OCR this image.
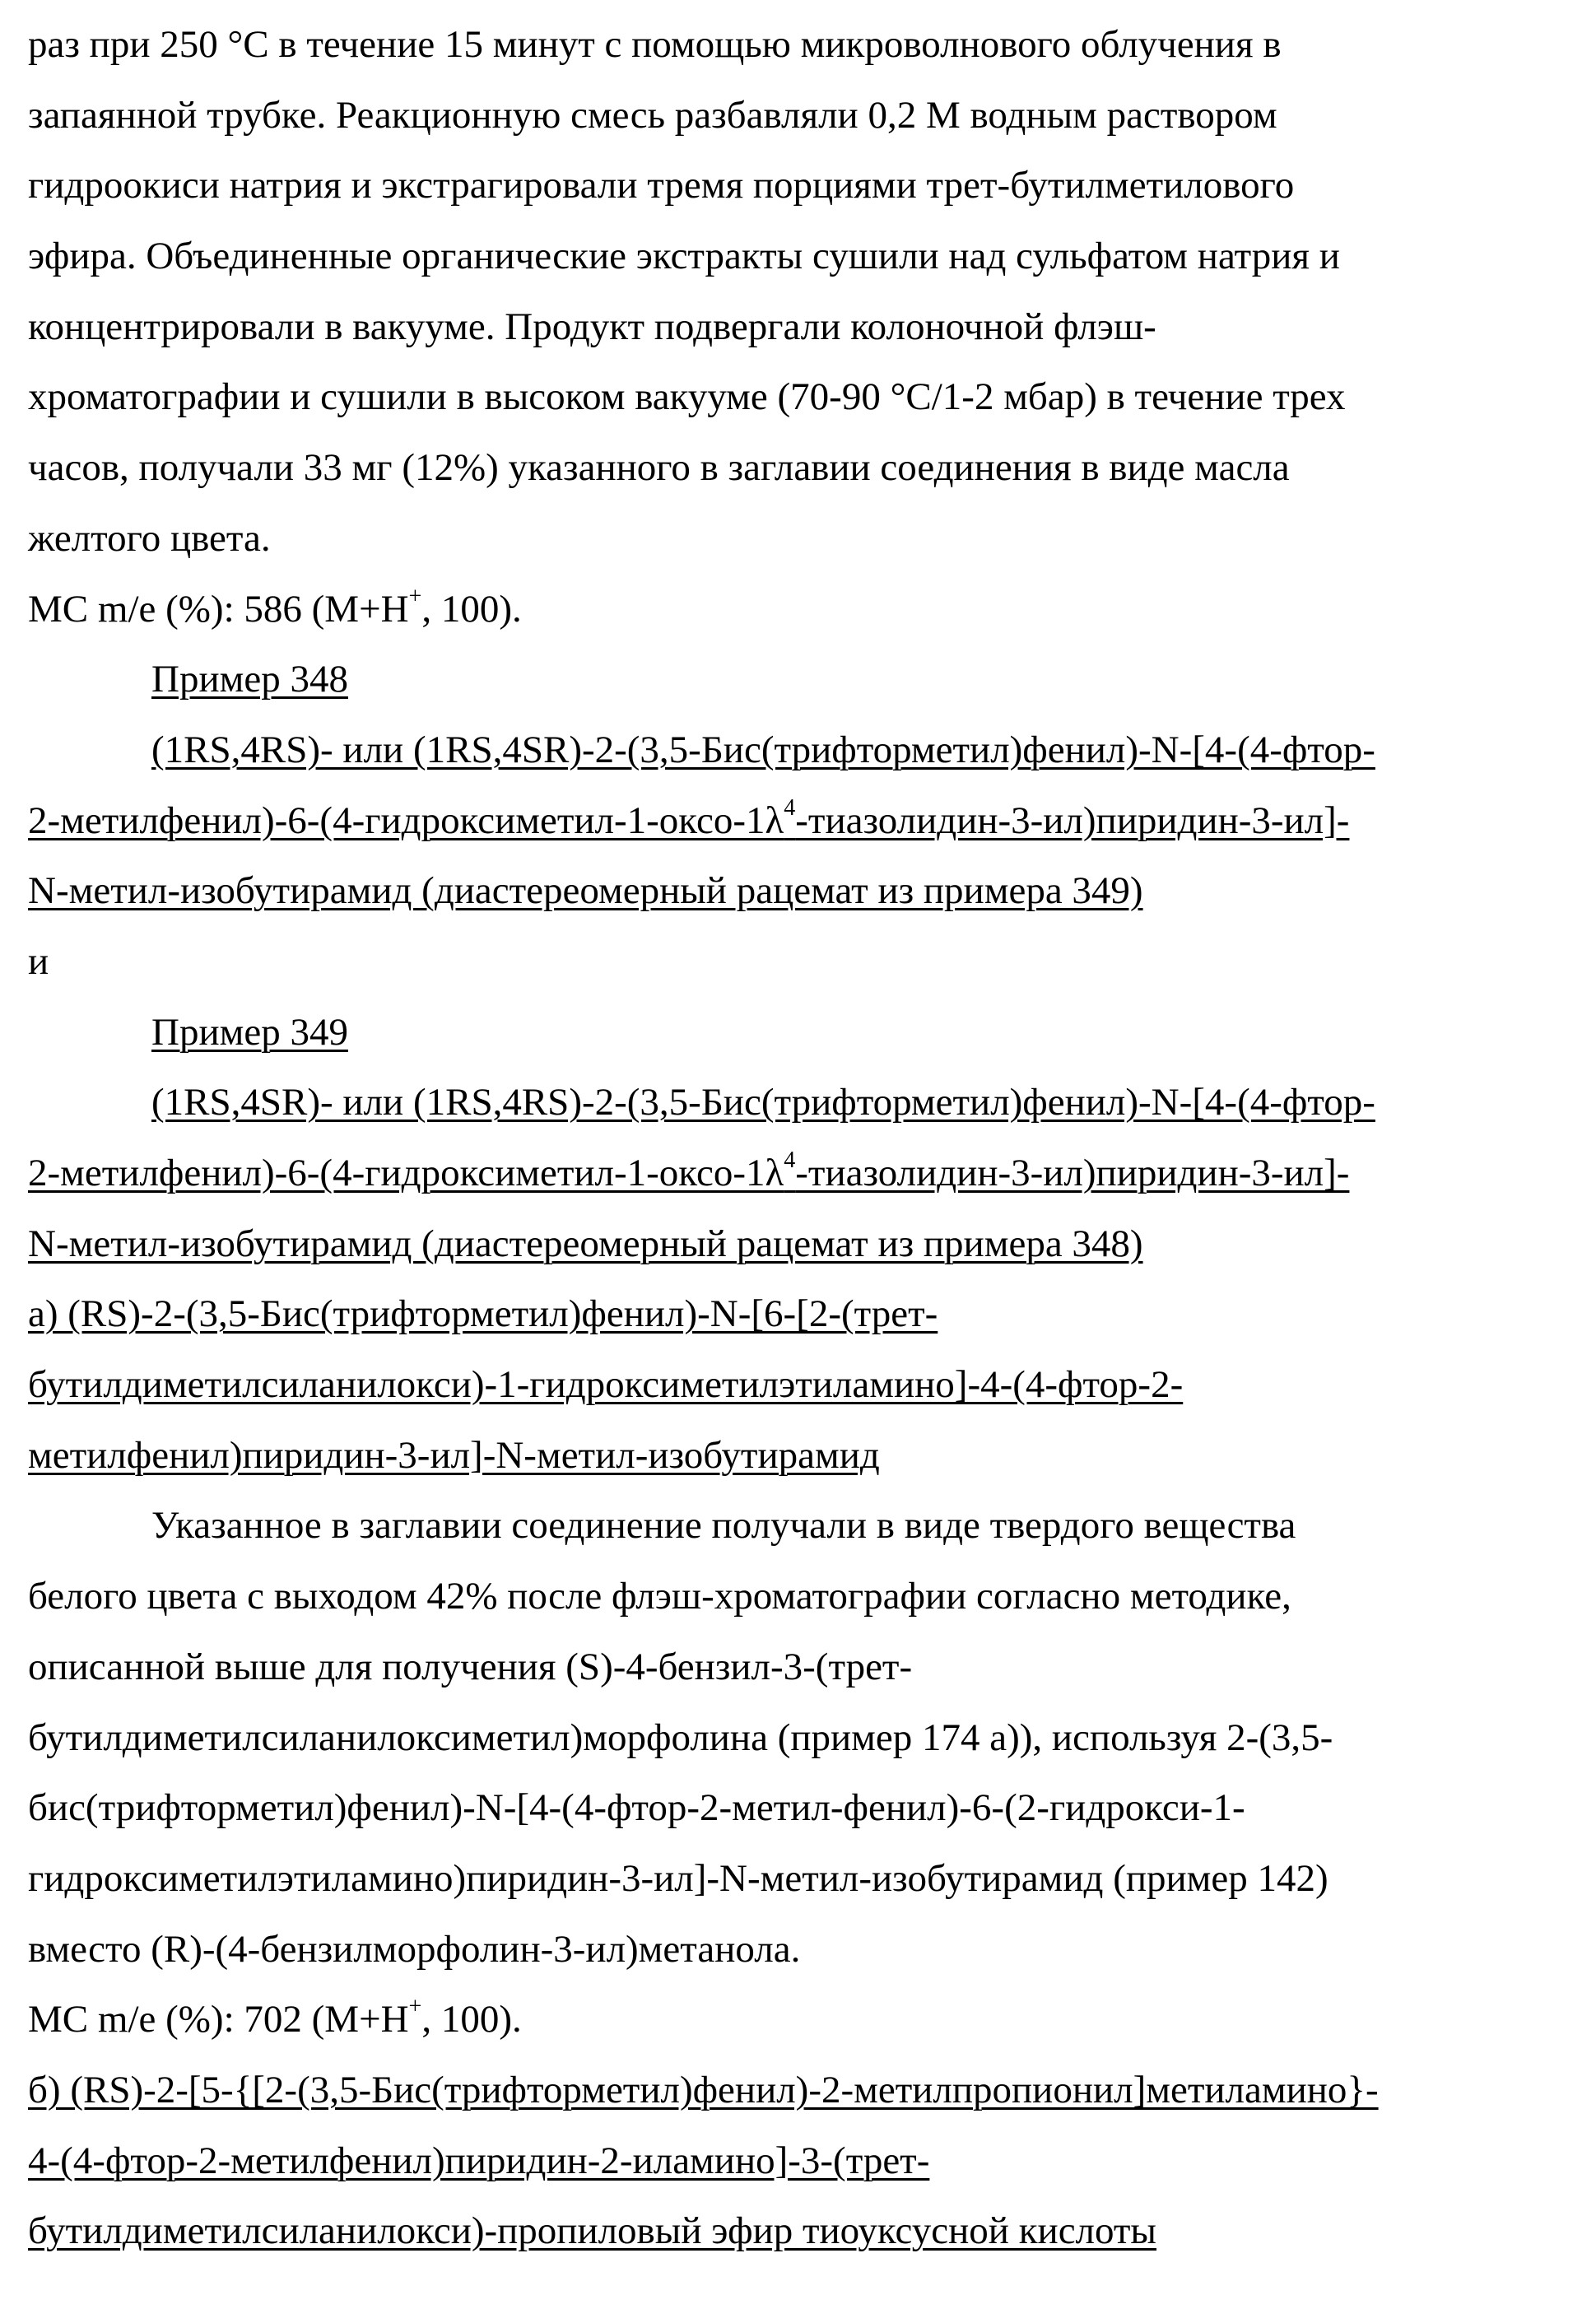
раз при 250 °C в течение 15 минут с помощью микроволнового облучения в
запаянной трубке. Реакционную смесь разбавляли 0,2 М водным раствором
гидроокиси натрия и экстрагировали тремя порциями трет-бутилметилового
эфира. Объединенные органические экстракты сушили над сульфатом натрия и
концентрировали в вакууме. Продукт подвергали колоночной флэш-
хроматографии и сушили в высоком вакууме (70-90 °C/1-2 мбар) в течение трех
часов, получали 33 мг (12%) указанного в заглавии соединения в виде масла
желтого цвета.
МС m/e (%): 586 (M+H+, 100).
Пример 348
(1RS,4RS)- или (1RS,4SR)-2-(3,5-Бис(трифторметил)фенил)-N-[4-(4-фтор-
$2-метилфенил)-6-(4-гидроксиметил-1-оксо-1\lambda^4-тиазолидин-3-ил)пиридин-3-ил]-$
N-метил-изобутирамид (диастереомерный рацемат из примера 349)
и
Пример 349
(1RS,4SR)- или (1RS,4RS)-2-(3,5-Бис(трифторметил)фенил)-N-[4-(4-фтор-
$2-метилфенил)-6-(4-гидроксиметил-1-оксо-1\lambda^4-тиазолидин-3-ил)пиридин-3-ил]-$
N-метил-изобутирамид (диастереомерный рацемат из примера 348)
а) (RS)-2-(3,5-Бис(трифторметил)фенил)-N-[6-[2-(трет-
бутилдиметилсиланилокси)-1-гидроксиметилэтиламино]-4-(4-фтор-2-
метилфенил)пиридин-3-ил]-N-метил-изобутирамид
Указанное в заглавии соединение получали в виде твердого вещества
белого цвета с выходом 42% после флэш-хроматографии согласно методике,
описанной выше для получения (S)-4-бензил-3-(трет-
бутилдиметилсиланилоксиметил)морфолина (пример 174 а)), используя 2-(3,5-
бис(трифторметил)фенил)-N-[4-(4-фтор-2-метил-фенил)-6-(2-гидрокси-1-
гидроксиметилэтиламино)пиридин-3-ил]-N-метил-изобутирамид (пример 142)
вместо (R)-(4-бензилморфолин-3-ил)метанола.
МС m/e (%): 702 (M+H+, 100).
б) (RS)-2-[5-{[2-(3,5-Бис(трифторметил)фенил)-2-метилпропионил]метиламино}-
4-(4-фтор-2-метилфенил)пиридин-2-иламино]-3-(трет-
бутилдиметилсиланилокси)-пропиловый эфир тиоуксусной кислоты
